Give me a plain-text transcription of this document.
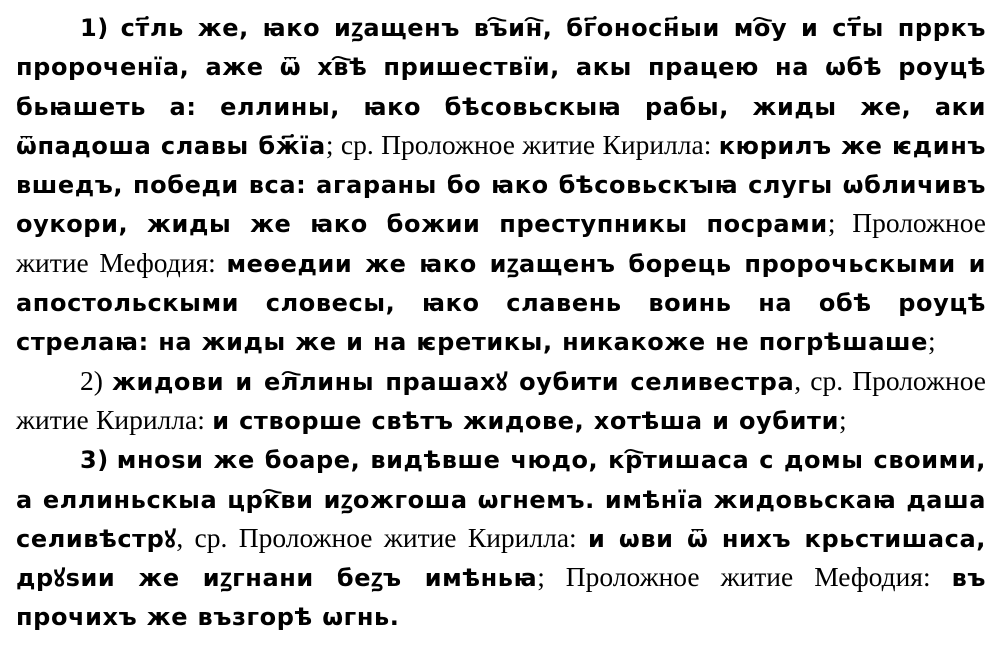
1) ст҃ль же, ꙗко иꙁащенъ въ҇ин҇, бг҃оносн҃ыи мо҇у и ст҃ы прркъ пророченїа, аже ѿ хв҇ѣ пришествїи, акы працею на ѡбѣ роуцѣ бьꙗшеть а: еллины, ꙗко бѣсовьскыꙗ рабы, жиды же, аки ѿпадоша славы бж҃їа; ср. Проложное житие Кирилла: кюрилъ же ѥдинъ вшедъ, победи вса: агараны бо ꙗко бѣсовьскꙑꙗ слугы ѡбличивъ оукори, жиды же ꙗко божии преступникы посрами; Проложное житие Мефодия: меѳедии же ꙗко иꙁащенъ борець пророчьскыми и апостольскыми словесы, ꙗко славень воинь на обѣ роуцѣ стрелаꙗ: на жиды же и на ѥретикы, никакоже не погрѣшаше;

2) жидови и ел҇лины прашахꙋ оубити селивестра, ср. Проложное житие Кирилла: и створше свѣтъ жидове, хотѣша и оубити;

3) мноѕи же боаре, видѣвше чюдо, кр҇тишаса с домы своими, а еллиньскыа црк҇ви иꙁожгоша ѡгнемъ. имѣнїа жидовьскаꙗ даша селивѣстрꙋ, ср. Проложное житие Кирилла: и ѡви ѿ нихъ крьстишаса, дрꙋѕии же иꙁгнани беꙁъ имѣньꙗ; Проложное житие Мефодия: въ прочихъ же възгорѣ ѡгнь.
